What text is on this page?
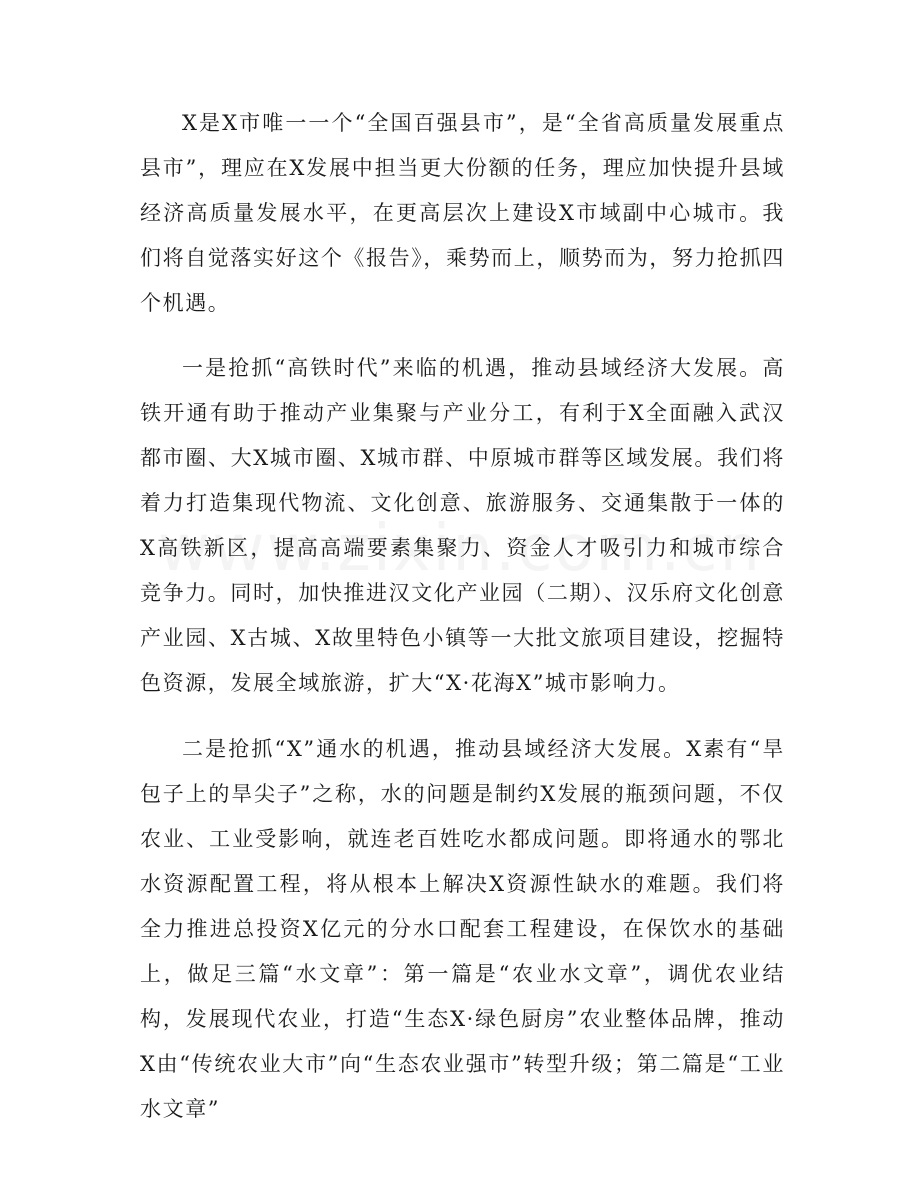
X是X市唯一一个“全国百强县市”，是“全省高质量发展重点县市”，理应在X发展中担当更大份额的任务，理应加快提升县域经济高质量发展水平，在更高层次上建设X市域副中心城市。我们将自觉落实好这个《报告》，乘势而上，顺势而为，努力抢抓四个机遇。

一是抢抓“高铁时代”来临的机遇，推动县域经济大发展。高铁开通有助于推动产业集聚与产业分工，有利于X全面融入武汉都市圈、大X城市圈、X城市群、中原城市群等区域发展。我们将着力打造集现代物流、文化创意、旅游服务、交通集散于一体的X高铁新区，提高高端要素集聚力、资金人才吸引力和城市综合竞争力。同时，加快推进汉文化产业园（二期）、汉乐府文化创意产业园、X古城、X故里特色小镇等一大批文旅项目建设，挖掘特色资源，发展全域旅游，扩大“X·花海X”城市影响力。

二是抢抓“X”通水的机遇，推动县域经济大发展。X素有“旱包子上的旱尖子”之称，水的问题是制约X发展的瓶颈问题，不仅农业、工业受影响，就连老百姓吃水都成问题。即将通水的鄂北水资源配置工程，将从根本上解决X资源性缺水的难题。我们将全力推进总投资X亿元的分水口配套工程建设，在保饮水的基础上，做足三篇“水文章”：第一篇是“农业水文章”，调优农业结构，发展现代农业，打造“生态X·绿色厨房”农业整体品牌，推动X由“传统农业大市”向“生态农业强市”转型升级；第二篇是“工业水文章”
